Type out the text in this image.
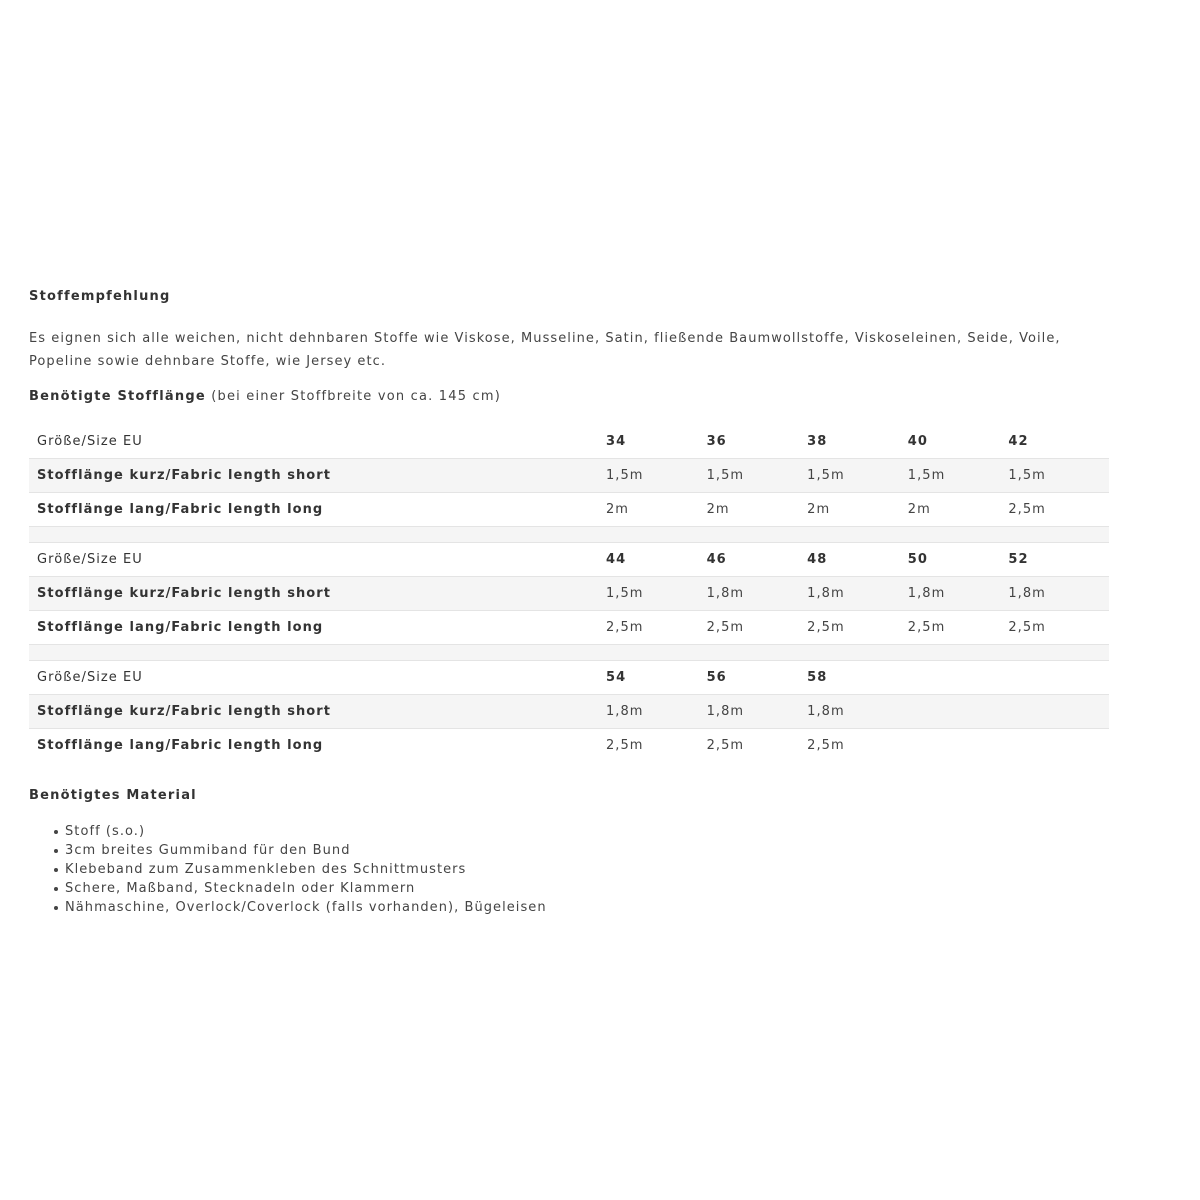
Stoffempfehlung

Es eignen sich alle weichen, nicht dehnbaren Stoffe wie Viskose, Musseline, Satin, fließende Baumwollstoffe, Viskoseleinen, Seide, Voile, Popeline sowie dehnbare Stoffe, wie Jersey etc.

Benötigte Stofflänge (bei einer Stoffbreite von ca. 145 cm)

Größe/Size EU	34	36	38	40	42
Stofflänge kurz/Fabric length short	1,5m	1,5m	1,5m	1,5m	1,5m
Stofflänge lang/Fabric length long	2m	2m	2m	2m	2,5m

Größe/Size EU	44	46	48	50	52
Stofflänge kurz/Fabric length short	1,5m	1,8m	1,8m	1,8m	1,8m
Stofflänge lang/Fabric length long	2,5m	2,5m	2,5m	2,5m	2,5m

Größe/Size EU	54	56	58		
Stofflänge kurz/Fabric length short	1,8m	1,8m	1,8m		
Stofflänge lang/Fabric length long	2,5m	2,5m	2,5m		
Benötigtes Material
Stoff (s.o.)
3cm breites Gummiband für den Bund
Klebeband zum Zusammenkleben des Schnittmusters
Schere, Maßband, Stecknadeln oder Klammern
Nähmaschine, Overlock/Coverlock (falls vorhanden), Bügeleisen
